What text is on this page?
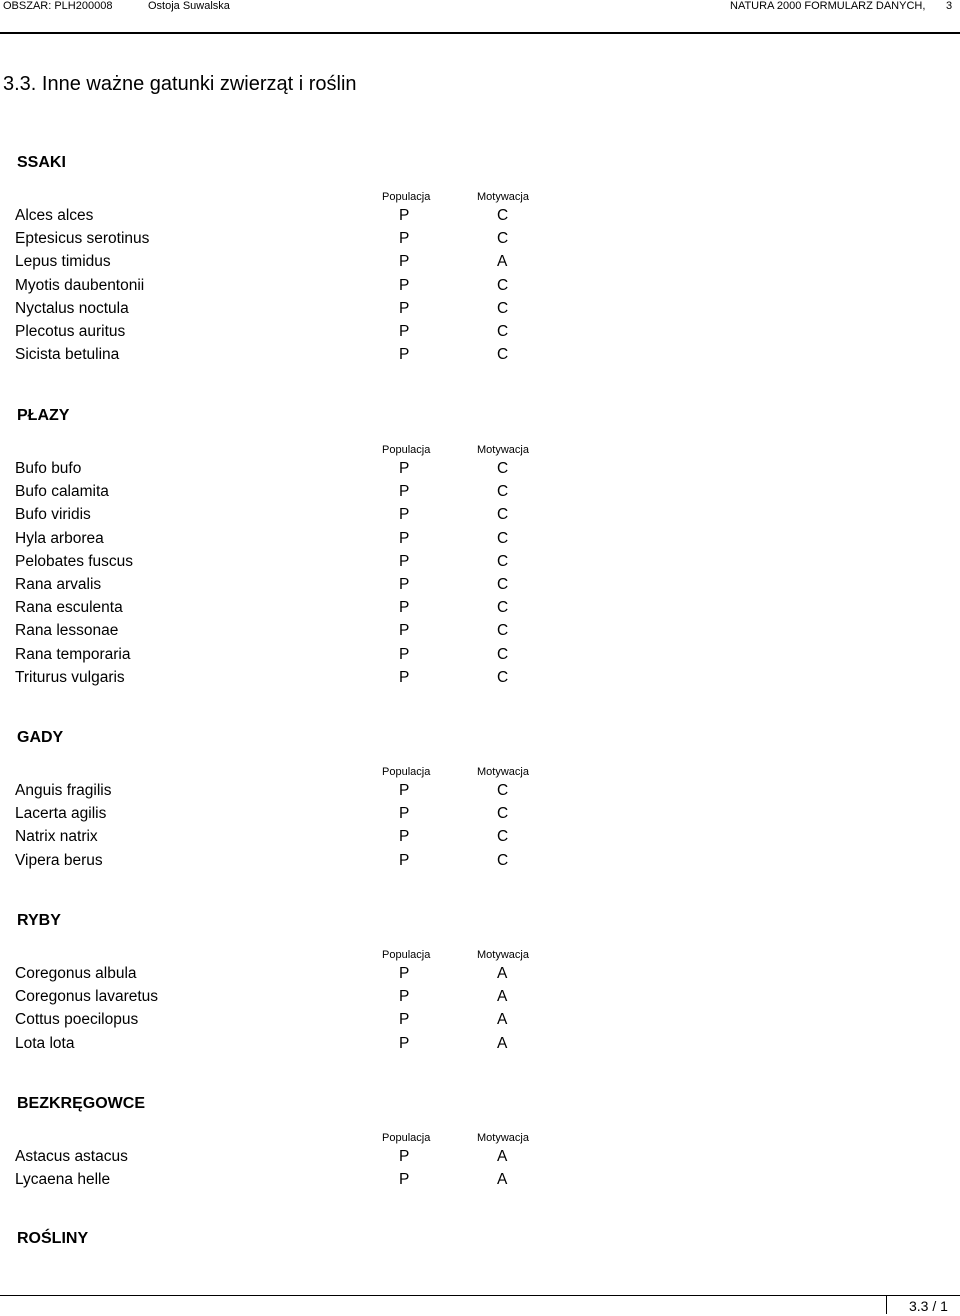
OBSZAR: PLH200008	Ostoja Suwalska	NATURA 2000 FORMULARZ DANYCH, 3
3.3. Inne ważne gatunki zwierząt i roślin
SSAKI
Populacja	Motywacja
Alces alces	P	C
Eptesicus serotinus	P	C
Lepus timidus	P	A
Myotis daubentonii	P	C
Nyctalus noctula	P	C
Plecotus auritus	P	C
Sicista betulina	P	C
PŁAZY
Populacja	Motywacja
Bufo bufo	P	C
Bufo calamita	P	C
Bufo viridis	P	C
Hyla arborea	P	C
Pelobates fuscus	P	C
Rana arvalis	P	C
Rana esculenta	P	C
Rana lessonae	P	C
Rana temporaria	P	C
Triturus vulgaris	P	C
GADY
Populacja	Motywacja
Anguis fragilis	P	C
Lacerta agilis	P	C
Natrix natrix	P	C
Vipera berus	P	C
RYBY
Populacja	Motywacja
Coregonus albula	P	A
Coregonus lavaretus	P	A
Cottus poecilopus	P	A
Lota lota	P	A
BEZKRĘGOWCE
Populacja	Motywacja
Astacus astacus	P	A
Lycaena helle	P	A
ROŚLINY
3.3 / 1
